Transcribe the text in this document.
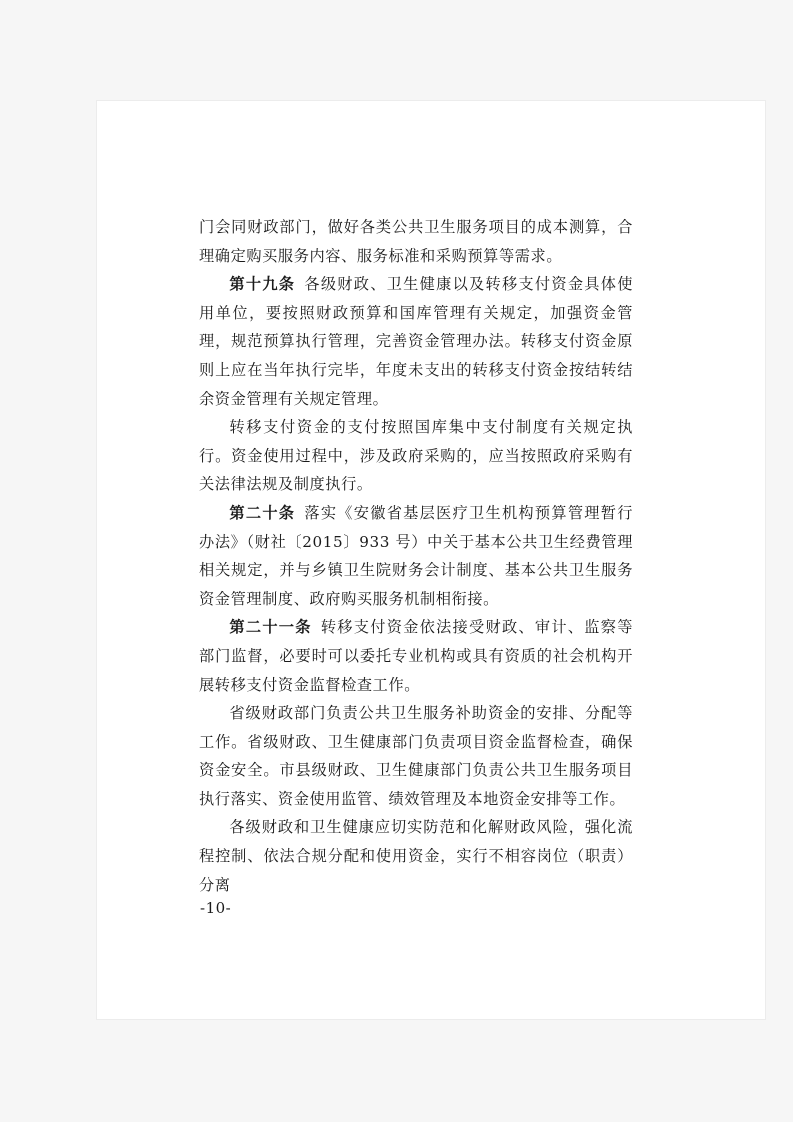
门会同财政部门，做好各类公共卫生服务项目的成本测算，合理确定购买服务内容、服务标准和采购预算等需求。

第十九条 各级财政、卫生健康以及转移支付资金具体使用单位，要按照财政预算和国库管理有关规定，加强资金管理，规范预算执行管理，完善资金管理办法。转移支付资金原则上应在当年执行完毕，年度未支出的转移支付资金按结转结余资金管理有关规定管理。

转移支付资金的支付按照国库集中支付制度有关规定执行。资金使用过程中，涉及政府采购的，应当按照政府采购有关法律法规及制度执行。

第二十条 落实《安徽省基层医疗卫生机构预算管理暂行办法》（财社〔2015〕933 号）中关于基本公共卫生经费管理相关规定，并与乡镇卫生院财务会计制度、基本公共卫生服务资金管理制度、政府购买服务机制相衔接。

第二十一条 转移支付资金依法接受财政、审计、监察等部门监督，必要时可以委托专业机构或具有资质的社会机构开展转移支付资金监督检查工作。

省级财政部门负责公共卫生服务补助资金的安排、分配等工作。省级财政、卫生健康部门负责项目资金监督检查，确保资金安全。市县级财政、卫生健康部门负责公共卫生服务项目执行落实、资金使用监管、绩效管理及本地资金安排等工作。

各级财政和卫生健康应切实防范和化解财政风险，强化流程控制、依法合规分配和使用资金，实行不相容岗位（职责）分离

-10-
